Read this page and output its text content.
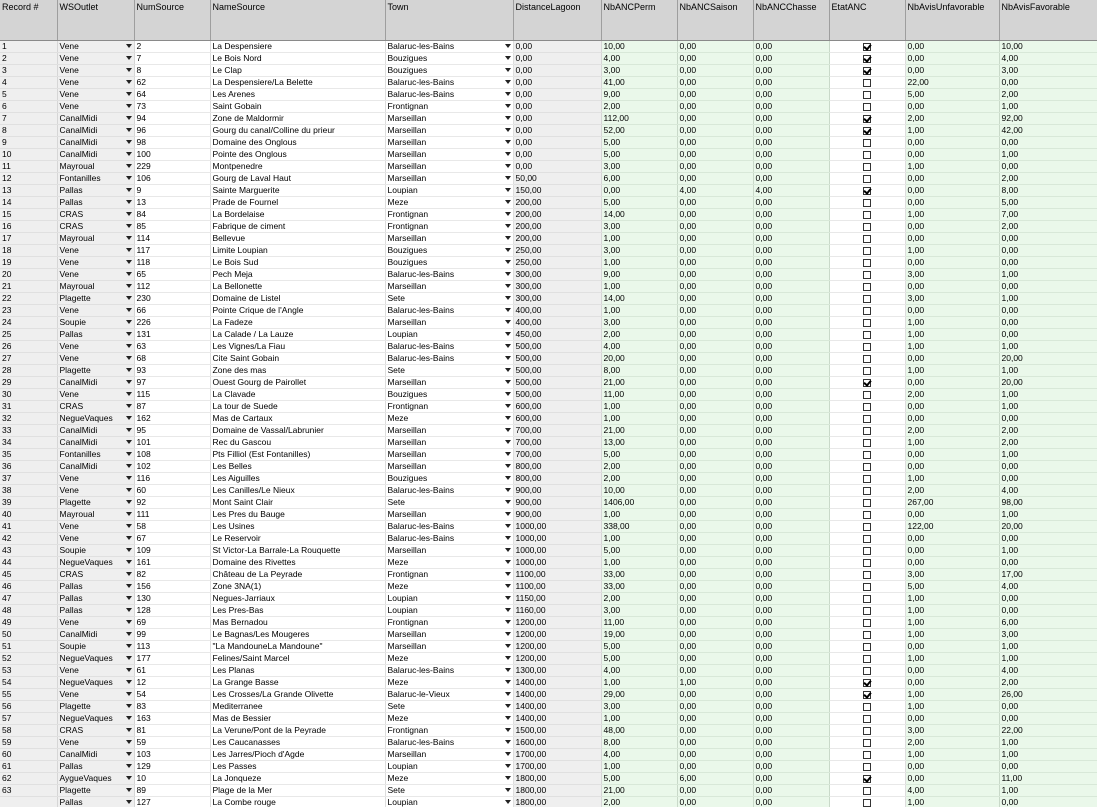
Record #	WSOutlet	NumSource	NameSource	Town	DistanceLagoon	NbANCPerm	NbANCSaison	NbANCChasse	EtatANC	NbAvisUnfavorable	NbAvisFavorable
1	Vene	2	La Despensiere	Balaruc-les-Bains	0,00	10,00	0,00	0,00		0,00	10,00
2	Vene	7	Le Bois Nord	Bouzigues	0,00	4,00	0,00	0,00		0,00	4,00
3	Vene	8	Le Clap	Bouzigues	0,00	3,00	0,00	0,00		0,00	3,00
4	Vene	62	La Despensiere/La Belette	Balaruc-les-Bains	0,00	41,00	0,00	0,00		22,00	0,00
5	Vene	64	Les Arenes	Balaruc-les-Bains	0,00	9,00	0,00	0,00		5,00	2,00
6	Vene	73	Saint Gobain	Frontignan	0,00	2,00	0,00	0,00		0,00	1,00
7	CanalMidi	94	Zone de Maldormir	Marseillan	0,00	112,00	0,00	0,00		2,00	92,00
8	CanalMidi	96	Gourg du canal/Colline du prieur	Marseillan	0,00	52,00	0,00	0,00		1,00	42,00
9	CanalMidi	98	Domaine des Onglous	Marseillan	0,00	5,00	0,00	0,00		0,00	0,00
10	CanalMidi	100	Pointe des Onglous	Marseillan	0,00	5,00	0,00	0,00		0,00	1,00
11	Mayroual	229	Montpenedre	Marseillan	0,00	3,00	0,00	0,00		1,00	0,00
12	Fontanilles	106	Gourg de Laval Haut	Marseillan	50,00	6,00	0,00	0,00		0,00	2,00
13	Pallas	9	Sainte Marguerite	Loupian	150,00	0,00	4,00	4,00		0,00	8,00
14	Pallas	13	Prade de Fournel	Meze	200,00	5,00	0,00	0,00		0,00	5,00
15	CRAS	84	La Bordelaise	Frontignan	200,00	14,00	0,00	0,00		1,00	7,00
16	CRAS	85	Fabrique de ciment	Frontignan	200,00	3,00	0,00	0,00		0,00	2,00
17	Mayroual	114	Bellevue	Marseillan	200,00	1,00	0,00	0,00		0,00	0,00
18	Vene	117	Limite Loupian	Bouzigues	250,00	3,00	0,00	0,00		1,00	0,00
19	Vene	118	Le Bois Sud	Bouzigues	250,00	1,00	0,00	0,00		0,00	0,00
20	Vene	65	Pech Meja	Balaruc-les-Bains	300,00	9,00	0,00	0,00		3,00	1,00
21	Mayroual	112	La Bellonette	Marseillan	300,00	1,00	0,00	0,00		0,00	0,00
22	Plagette	230	Domaine de Listel	Sete	300,00	14,00	0,00	0,00		3,00	1,00
23	Vene	66	Pointe Crique de l'Angle	Balaruc-les-Bains	400,00	1,00	0,00	0,00		0,00	0,00
24	Soupie	226	La Fadeze	Marseillan	400,00	3,00	0,00	0,00		1,00	0,00
25	Pallas	131	La Calade / La Lauze	Loupian	450,00	2,00	0,00	0,00		1,00	0,00
26	Vene	63	Les Vignes/La Fiau	Balaruc-les-Bains	500,00	4,00	0,00	0,00		1,00	1,00
27	Vene	68	Cite Saint Gobain	Balaruc-les-Bains	500,00	20,00	0,00	0,00		0,00	20,00
28	Plagette	93	Zone des mas	Sete	500,00	8,00	0,00	0,00		1,00	1,00
29	CanalMidi	97	Ouest Gourg de Pairollet	Marseillan	500,00	21,00	0,00	0,00		0,00	20,00
30	Vene	115	La Clavade	Bouzigues	500,00	11,00	0,00	0,00		2,00	1,00
31	CRAS	87	La tour de Suede	Frontignan	600,00	1,00	0,00	0,00		0,00	1,00
32	NegueVaques	162	Mas de Cartaux	Meze	600,00	1,00	0,00	0,00		0,00	0,00
33	CanalMidi	95	Domaine de Vassal/Labrunier	Marseillan	700,00	21,00	0,00	0,00		2,00	2,00
34	CanalMidi	101	Rec du Gascou	Marseillan	700,00	13,00	0,00	0,00		1,00	2,00
35	Fontanilles	108	Pts Filliol (Est Fontanilles)	Marseillan	700,00	5,00	0,00	0,00		0,00	1,00
36	CanalMidi	102	Les Belles	Marseillan	800,00	2,00	0,00	0,00		0,00	0,00
37	Vene	116	Les Aiguilles	Bouzigues	800,00	2,00	0,00	0,00		1,00	0,00
38	Vene	60	Les Canilles/Le Nieux	Balaruc-les-Bains	900,00	10,00	0,00	0,00		2,00	4,00
39	Plagette	92	Mont Saint Clair	Sete	900,00	1406,00	0,00	0,00		267,00	98,00
40	Mayroual	111	Les Pres du Bauge	Marseillan	900,00	1,00	0,00	0,00		0,00	1,00
41	Vene	58	Les Usines	Balaruc-les-Bains	1000,00	338,00	0,00	0,00		122,00	20,00
42	Vene	67	Le Reservoir	Balaruc-les-Bains	1000,00	1,00	0,00	0,00		0,00	0,00
43	Soupie	109	St Victor-La Barrale-La Rouquette	Marseillan	1000,00	5,00	0,00	0,00		0,00	1,00
44	NegueVaques	161	Domaine des Rivettes	Meze	1000,00	1,00	0,00	0,00		0,00	0,00
45	CRAS	82	Château de La Peyrade	Frontignan	1100,00	33,00	0,00	0,00		3,00	17,00
46	Pallas	156	Zone 3NA(1)	Meze	1100,00	33,00	0,00	0,00		5,00	4,00
47	Pallas	130	Negues-Jarriaux	Loupian	1150,00	2,00	0,00	0,00		1,00	0,00
48	Pallas	128	Les Pres-Bas	Loupian	1160,00	3,00	0,00	0,00		1,00	0,00
49	Vene	69	Mas Bernadou	Frontignan	1200,00	11,00	0,00	0,00		1,00	6,00
50	CanalMidi	99	Le Bagnas/Les Mougeres	Marseillan	1200,00	19,00	0,00	0,00		1,00	3,00
51	Soupie	113	"La MandouneLa Mandoune"	Marseillan	1200,00	5,00	0,00	0,00		0,00	1,00
52	NegueVaques	177	Felines/Saint Marcel	Meze	1200,00	5,00	0,00	0,00		1,00	1,00
53	Vene	61	Les Planas	Balaruc-les-Bains	1300,00	4,00	0,00	0,00		0,00	4,00
54	NegueVaques	12	La Grange Basse	Meze	1400,00	1,00	1,00	0,00		0,00	2,00
55	Vene	54	Les Crosses/La Grande Olivette	Balaruc-le-Vieux	1400,00	29,00	0,00	0,00		1,00	26,00
56	Plagette	83	Mediterranee	Sete	1400,00	3,00	0,00	0,00		1,00	0,00
57	NegueVaques	163	Mas de Bessier	Meze	1400,00	1,00	0,00	0,00		0,00	0,00
58	CRAS	81	La Verune/Pont de la Peyrade	Frontignan	1500,00	48,00	0,00	0,00		3,00	22,00
59	Vene	59	Les Caucanasses	Balaruc-les-Bains	1600,00	8,00	0,00	0,00		2,00	1,00
60	CanalMidi	103	Les Jarres/Pioch d'Agde	Marseillan	1700,00	4,00	0,00	0,00		1,00	1,00
61	Pallas	129	Les Passes	Loupian	1700,00	1,00	0,00	0,00		0,00	0,00
62	AygueVaques	10	La Jonqueze	Meze	1800,00	5,00	6,00	0,00		0,00	11,00
63	Plagette	89	Plage de la Mer	Sete	1800,00	21,00	0,00	0,00		4,00	1,00
	Pallas	127	La Combe rouge	Loupian	1800,00	2,00	0,00	0,00		1,00	0,00
